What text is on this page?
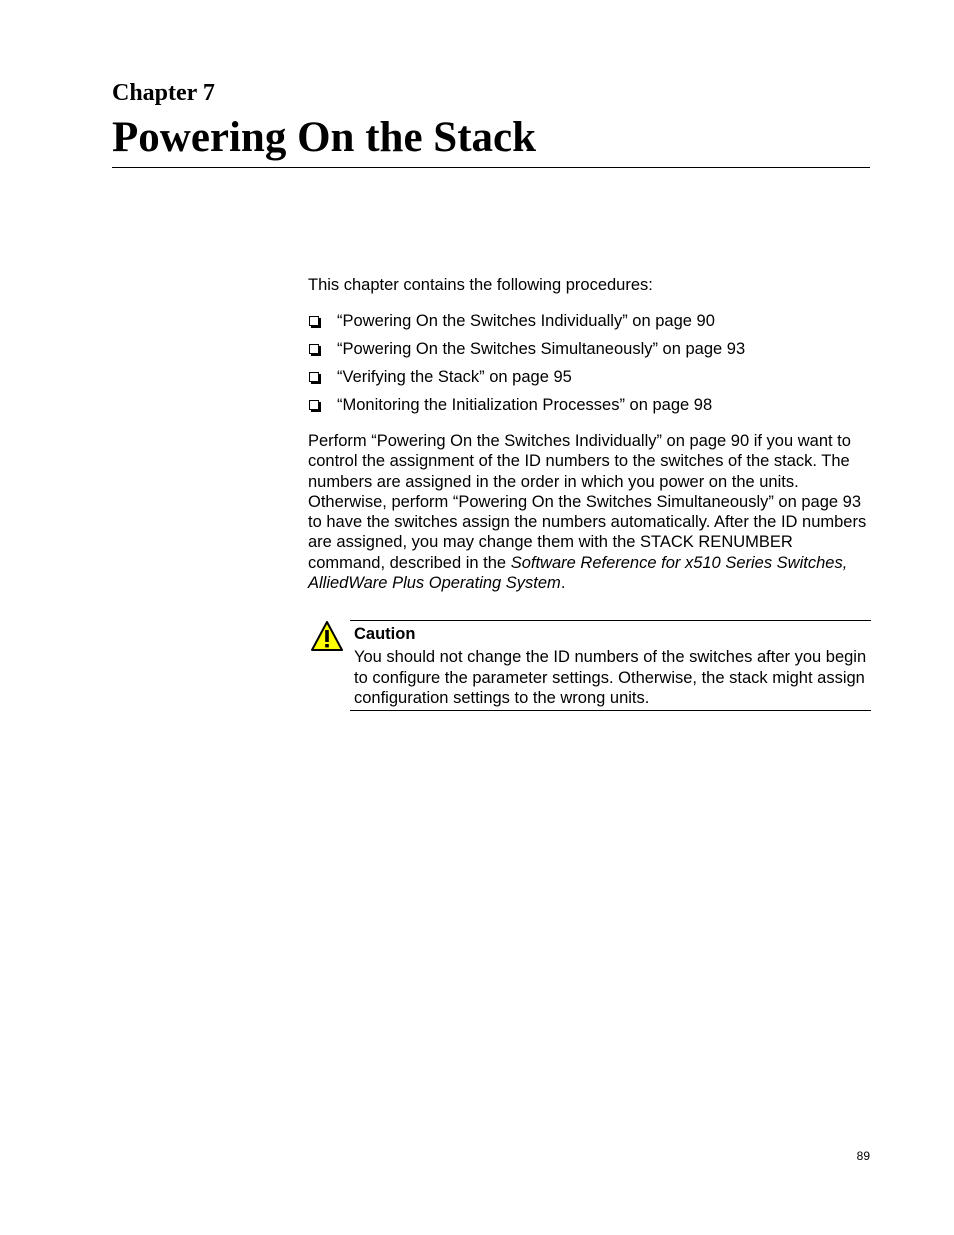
Chapter 7
Powering On the Stack

This chapter contains the following procedures:

“Powering On the Switches Individually” on page 90
“Powering On the Switches Simultaneously” on page 93
“Verifying the Stack” on page 95
“Monitoring the Initialization Processes” on page 98

Perform “Powering On the Switches Individually” on page 90 if you want to control the assignment of the ID numbers to the switches of the stack. The numbers are assigned in the order in which you power on the units. Otherwise, perform “Powering On the Switches Simultaneously” on page 93 to have the switches assign the numbers automatically. After the ID numbers are assigned, you may change them with the STACK RENUMBER command, described in the Software Reference for x510 Series Switches, AlliedWare Plus Operating System.

Caution

You should not change the ID numbers of the switches after you begin to configure the parameter settings. Otherwise, the stack might assign configuration settings to the wrong units.

89
